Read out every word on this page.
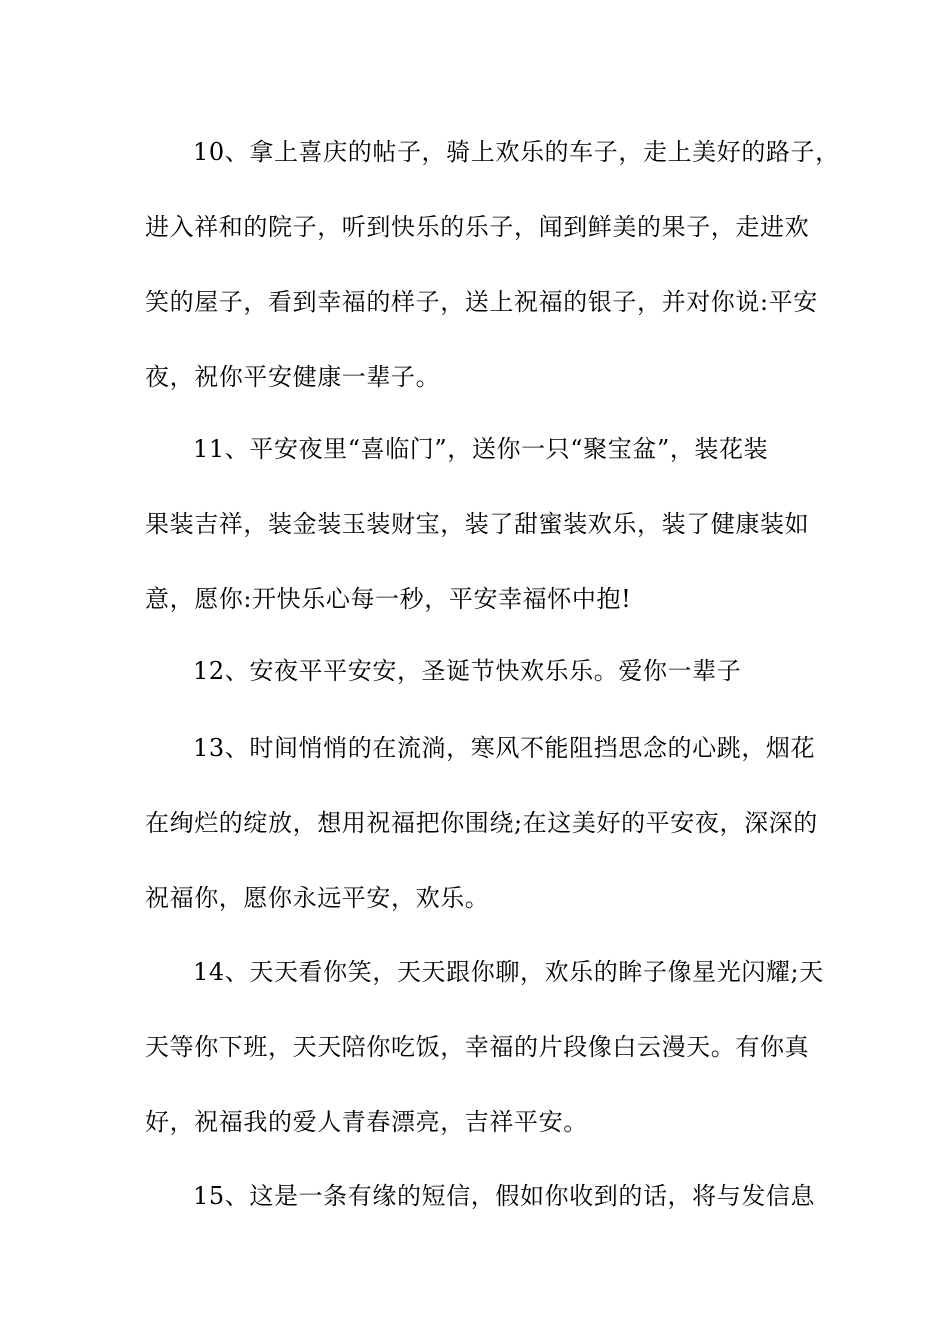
10、拿上喜庆的帖子，骑上欢乐的车子，走上美好的路子，
进入祥和的院子，听到快乐的乐子，闻到鲜美的果子，走进欢
笑的屋子，看到幸福的样子，送上祝福的银子，并对你说:平安
夜，祝你平安健康一辈子。
11、平安夜里“喜临门”，送你一只“聚宝盆”，装花装
果装吉祥，装金装玉装财宝，装了甜蜜装欢乐，装了健康装如
意，愿你:开快乐心每一秒，平安幸福怀中抱!
12、安夜平平安安，圣诞节快欢乐乐。爱你一辈子
13、时间悄悄的在流淌，寒风不能阻挡思念的心跳，烟花
在绚烂的绽放，想用祝福把你围绕;在这美好的平安夜，深深的
祝福你，愿你永远平安，欢乐。
14、天天看你笑，天天跟你聊，欢乐的眸子像星光闪耀;天
天等你下班，天天陪你吃饭，幸福的片段像白云漫天。有你真
好，祝福我的爱人青春漂亮，吉祥平安。
15、这是一条有缘的短信，假如你收到的话，将与发信息
